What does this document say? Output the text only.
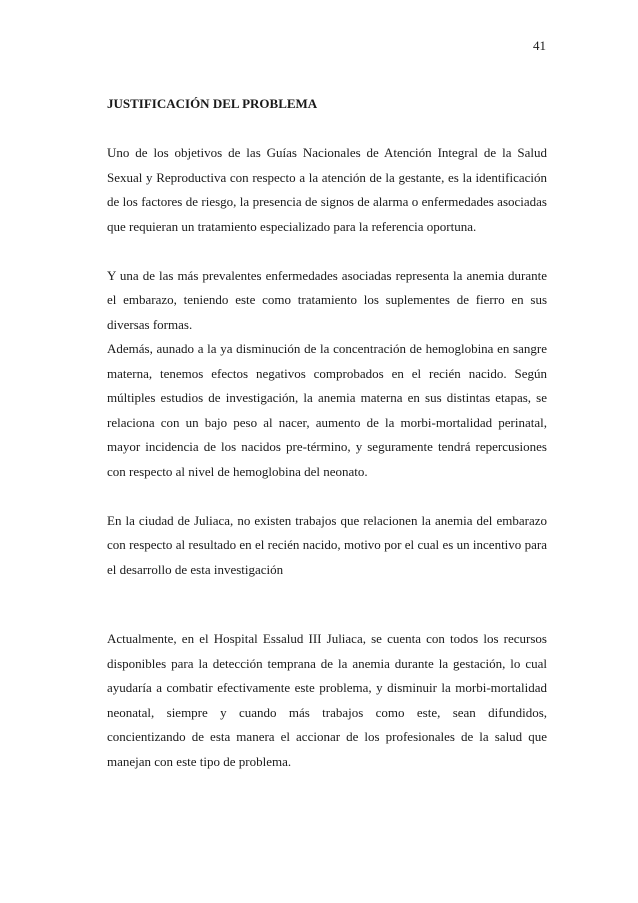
41
JUSTIFICACIÓN DEL PROBLEMA

Uno de los objetivos de las Guías Nacionales de Atención Integral de la Salud Sexual y Reproductiva con respecto a la atención de la gestante, es la identificación de los factores de riesgo, la presencia de signos de alarma o enfermedades asociadas que requieran un tratamiento especializado para la referencia oportuna.

Y una de las más prevalentes enfermedades asociadas representa la anemia durante el embarazo, teniendo este como tratamiento los suplementes de fierro en sus diversas formas.

Además, aunado a la ya disminución de la concentración de hemoglobina en sangre materna, tenemos efectos negativos comprobados en el recién nacido. Según múltiples estudios de investigación, la anemia materna en sus distintas etapas, se relaciona con un bajo peso al nacer, aumento de la morbi-mortalidad perinatal, mayor incidencia de los nacidos pre-término, y seguramente tendrá repercusiones con respecto al nivel de hemoglobina del neonato.

En la ciudad de Juliaca, no existen trabajos que relacionen la anemia del embarazo con respecto al resultado en el recién nacido, motivo por el cual es un incentivo para el desarrollo de esta investigación

Actualmente, en el Hospital Essalud III Juliaca, se cuenta con todos los recursos disponibles para la detección temprana de la anemia durante la gestación, lo cual ayudaría a combatir efectivamente este problema, y disminuir la morbi-mortalidad neonatal, siempre y cuando más trabajos como este, sean difundidos, concientizando de esta manera el accionar de los profesionales de la salud que manejan con este tipo de problema.
